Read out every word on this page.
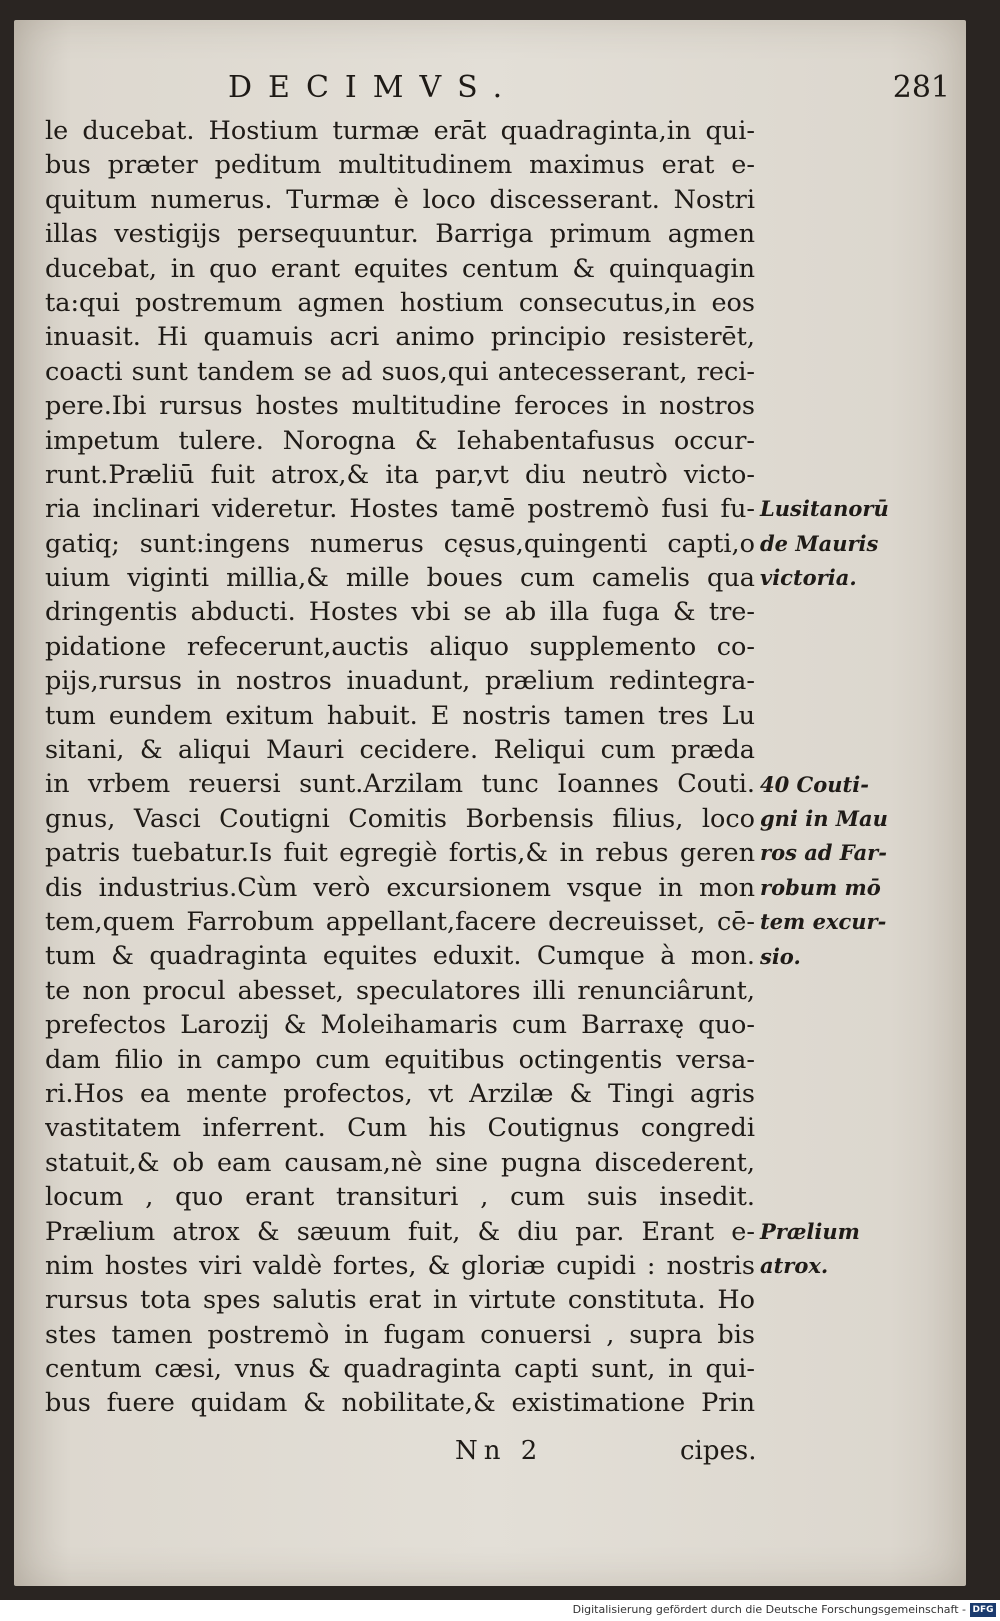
DECIMVS.	281
le ducebat. Hostium turmæ erāt quadraginta,in qui-
bus præter peditum multitudinem maximus erat e-
quitum numerus. Turmæ è loco discesserant. Nostri
illas vestigijs persequuntur. Barriga primum agmen
ducebat, in quo erant equites centum & quinquagin
ta:qui postremum agmen hostium consecutus,in eos
inuasit. Hi quamuis acri animo principio resisterēt,
coacti sunt tandem se ad suos,qui antecesserant, reci-
pere.Ibi rursus hostes multitudine feroces in nostros
impetum tulere. Norogna & Iehabentafusus occur-
runt.Præliū fuit atrox,& ita par,vt diu neutrò victo-
ria inclinari videretur. Hostes tamē postremò fusi fu-
gatiq; sunt:ingens numerus cęsus,quingenti capti,o
uium viginti millia,& mille boues cum camelis qua
dringentis abducti. Hostes vbi se ab illa fuga & tre-
pidatione refecerunt,auctis aliquo supplemento co-
pijs,rursus in nostros inuadunt, prælium redintegra-
tum eundem exitum habuit. E nostris tamen tres Lu
sitani, & aliqui Mauri cecidere. Reliqui cum præda
in vrbem reuersi sunt.Arzilam tunc Ioannes Couti.
gnus, Vasci Coutigni Comitis Borbensis filius, loco
patris tuebatur.Is fuit egregiè fortis,& in rebus geren
dis industrius.Cùm verò excursionem vsque in mon
tem,quem Farrobum appellant,facere decreuisset, cē-
tum & quadraginta equites eduxit. Cumque à mon.
te non procul abesset, speculatores illi renunciârunt,
prefectos Larozij & Moleihamaris cum Barraxę quo-
dam filio in campo cum equitibus octingentis versa-
ri.Hos ea mente profectos, vt Arzilæ & Tingi agris
vastitatem inferrent. Cum his Coutignus congredi
statuit,& ob eam causam,nè sine pugna discederent,
locum , quo erant transituri , cum suis insedit.
Prælium atrox & sæuum fuit, & diu par. Erant e-
nim hostes viri valdè fortes, & gloriæ cupidi : nostris
rursus tota spes salutis erat in virtute constituta. Ho
stes tamen postremò in fugam conuersi , supra bis
centum cæsi, vnus & quadraginta capti sunt, in qui-
bus fuere quidam & nobilitate,& existimatione Prin
Lusitanorū
de Mauris
victoria.
40 Couti-
gni in Mau
ros ad Far-
robum mō
tem excur-
sio.
Prælium
atrox.
Nn 2	cipes.
Digitalisierung gefördert durch die Deutsche Forschungsgemeinschaft - DFG
